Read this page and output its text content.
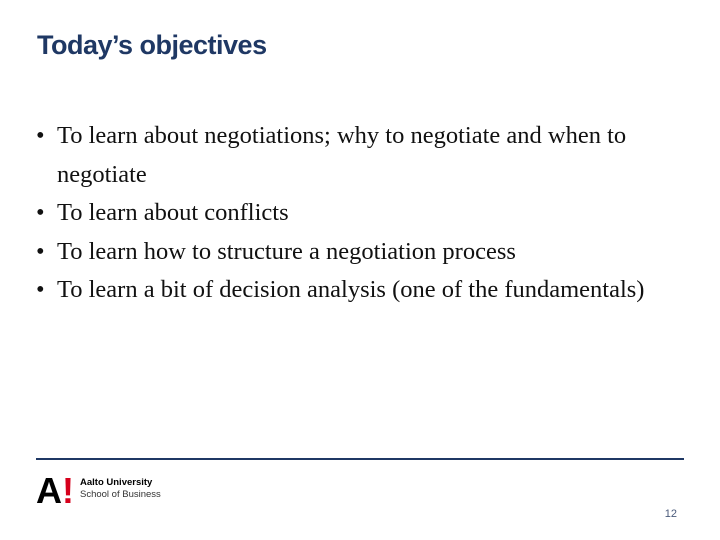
Today’s objectives
• To learn about negotiations; why to negotiate and when to negotiate
• To learn about conflicts
• To learn how to structure a negotiation process
• To learn a bit of decision analysis (one of the fundamentals)
A! Aalto University
School of Business
12
